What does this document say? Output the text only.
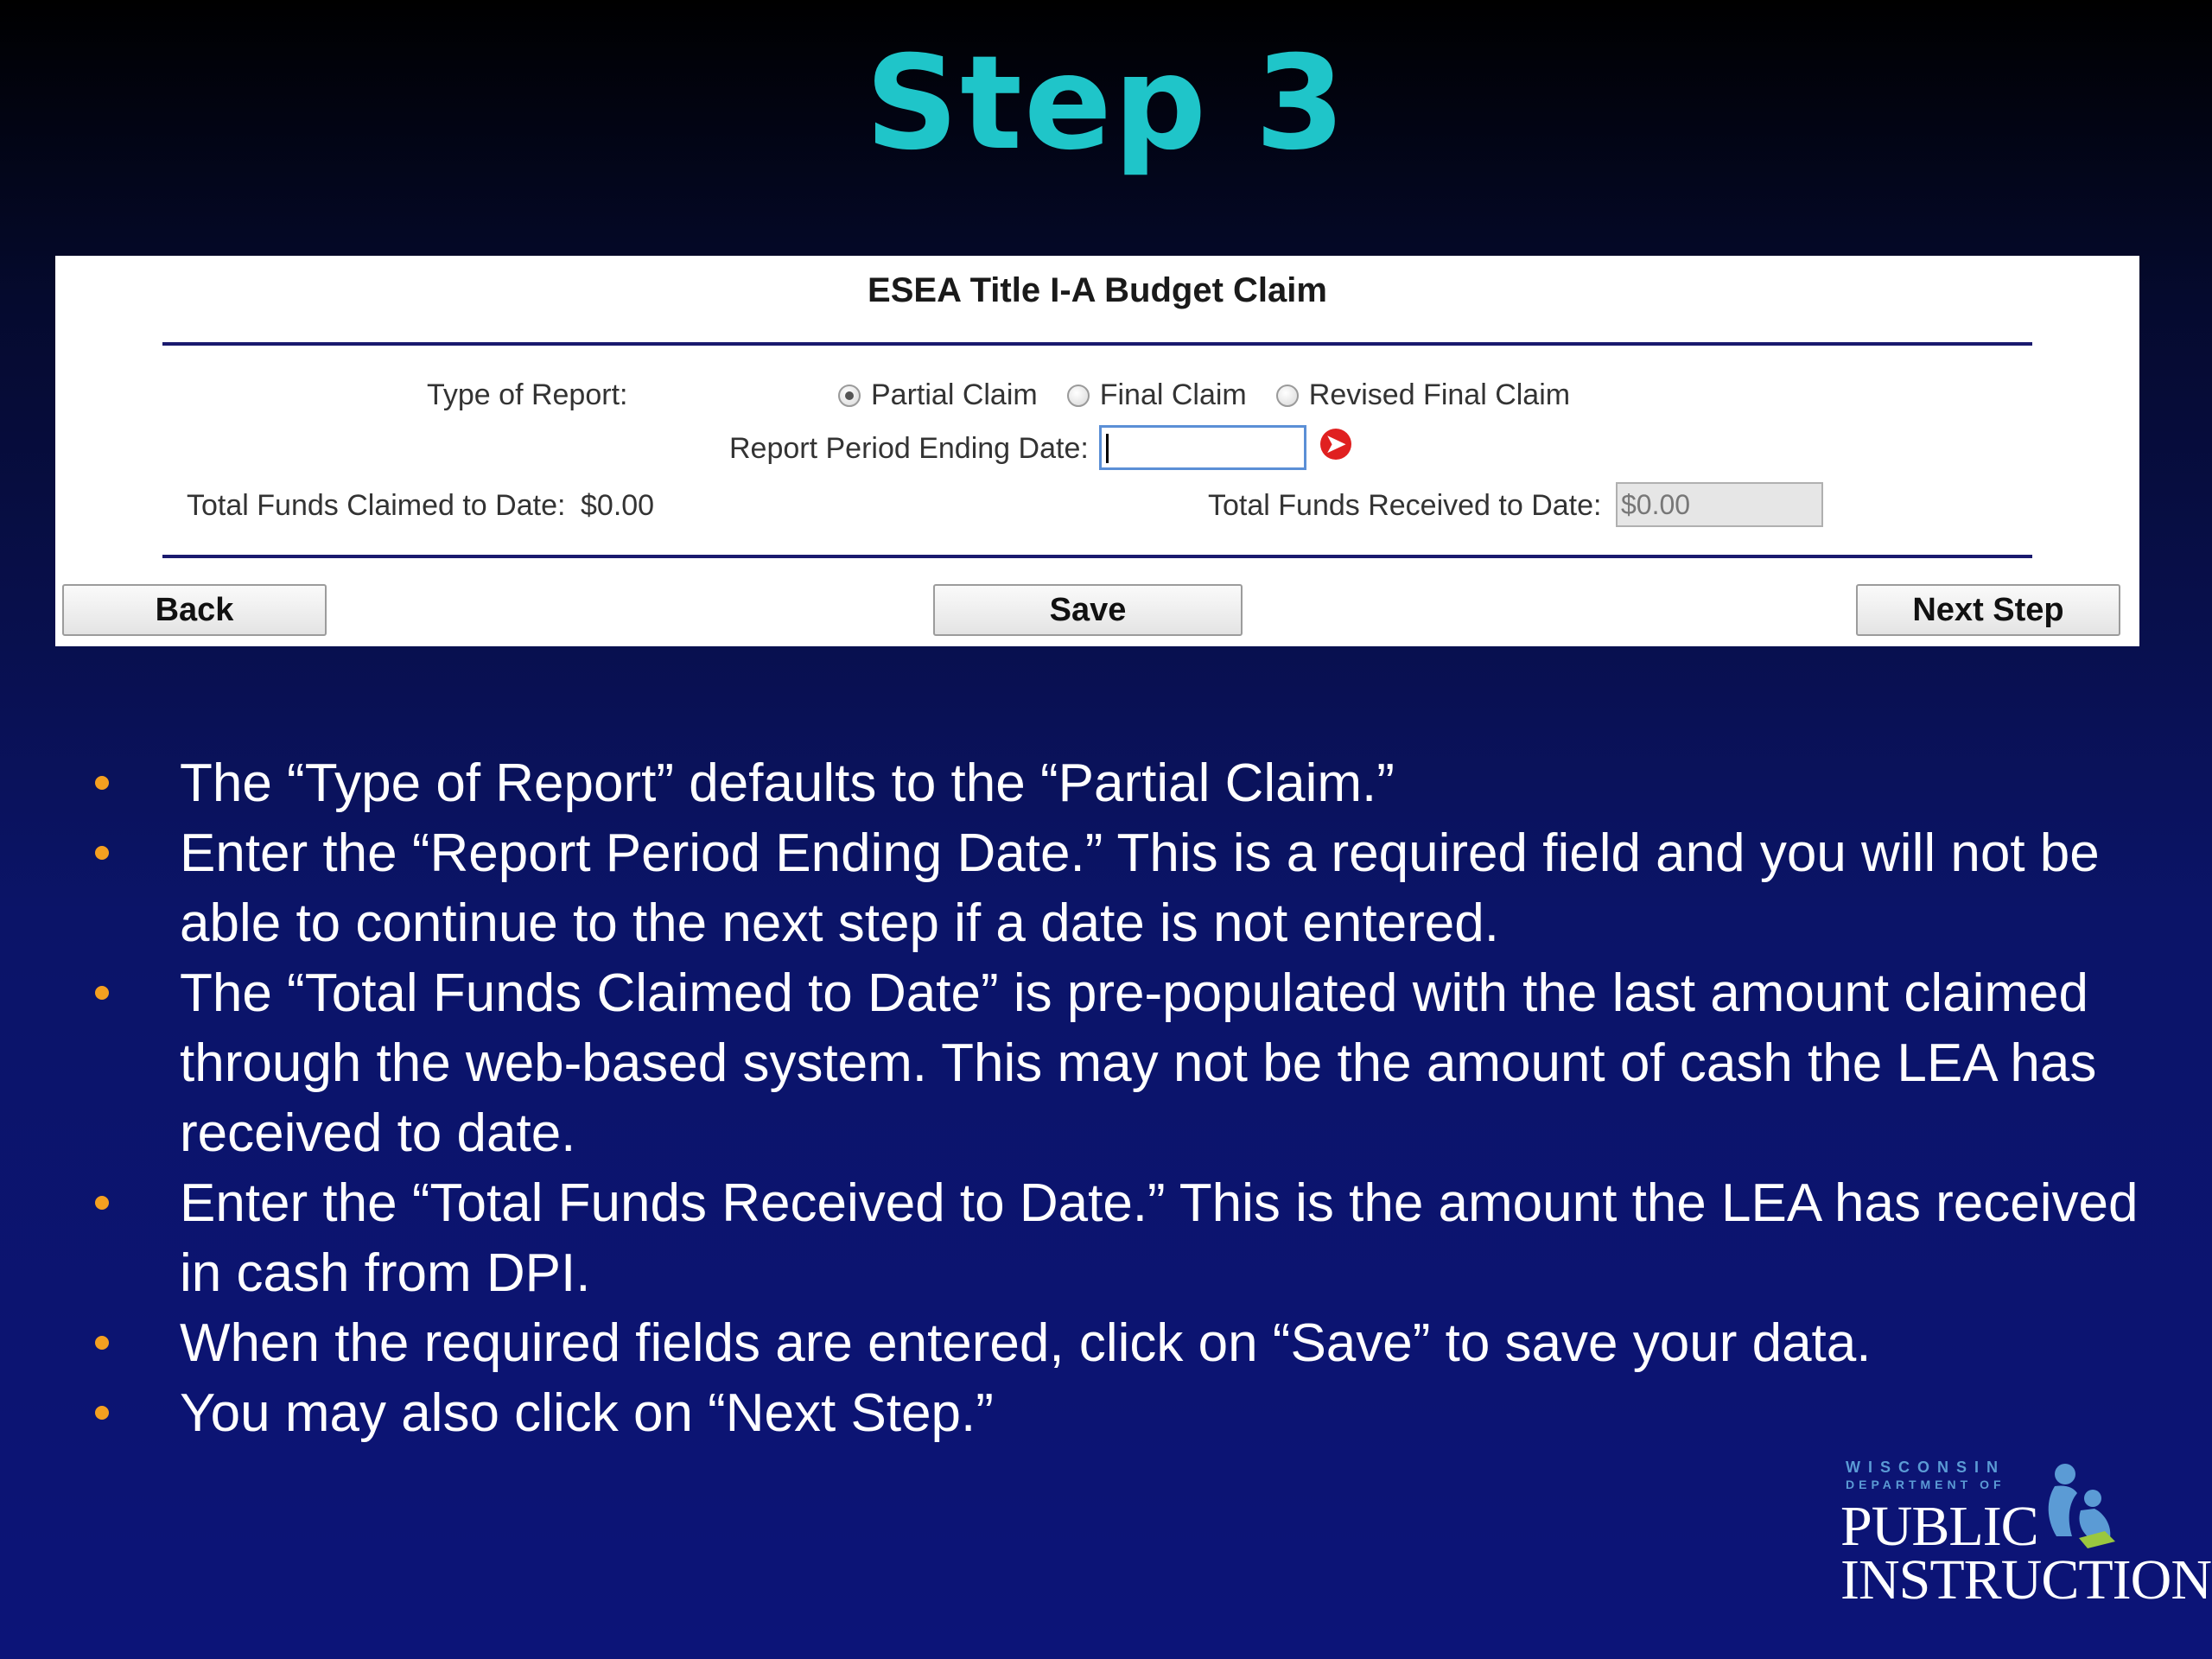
Step 3
ESEA Title I-A Budget Claim
Type of Report:	Partial Claim Final Claim Revised Final Claim
Report Period Ending Date:	➤
Total Funds Claimed to Date: $0.00	Total Funds Received to Date: $0.00
Back	Save	Next Step
The “Type of Report” defaults to the “Partial Claim.”
Enter the “Report Period Ending Date.” This is a required field and you will not be able to continue to the next step if a date is not entered.
The “Total Funds Claimed to Date” is pre-populated with the last amount claimed through the web-based system. This may not be the amount of cash the LEA has received to date.
Enter the “Total Funds Received to Date.” This is the amount the LEA has received in cash from DPI.
When the required fields are entered, click on “Save” to save your data.
You may also click on “Next Step.”
WISCONSIN
DEPARTMENT OF
PUBLIC
INSTRUCTION
